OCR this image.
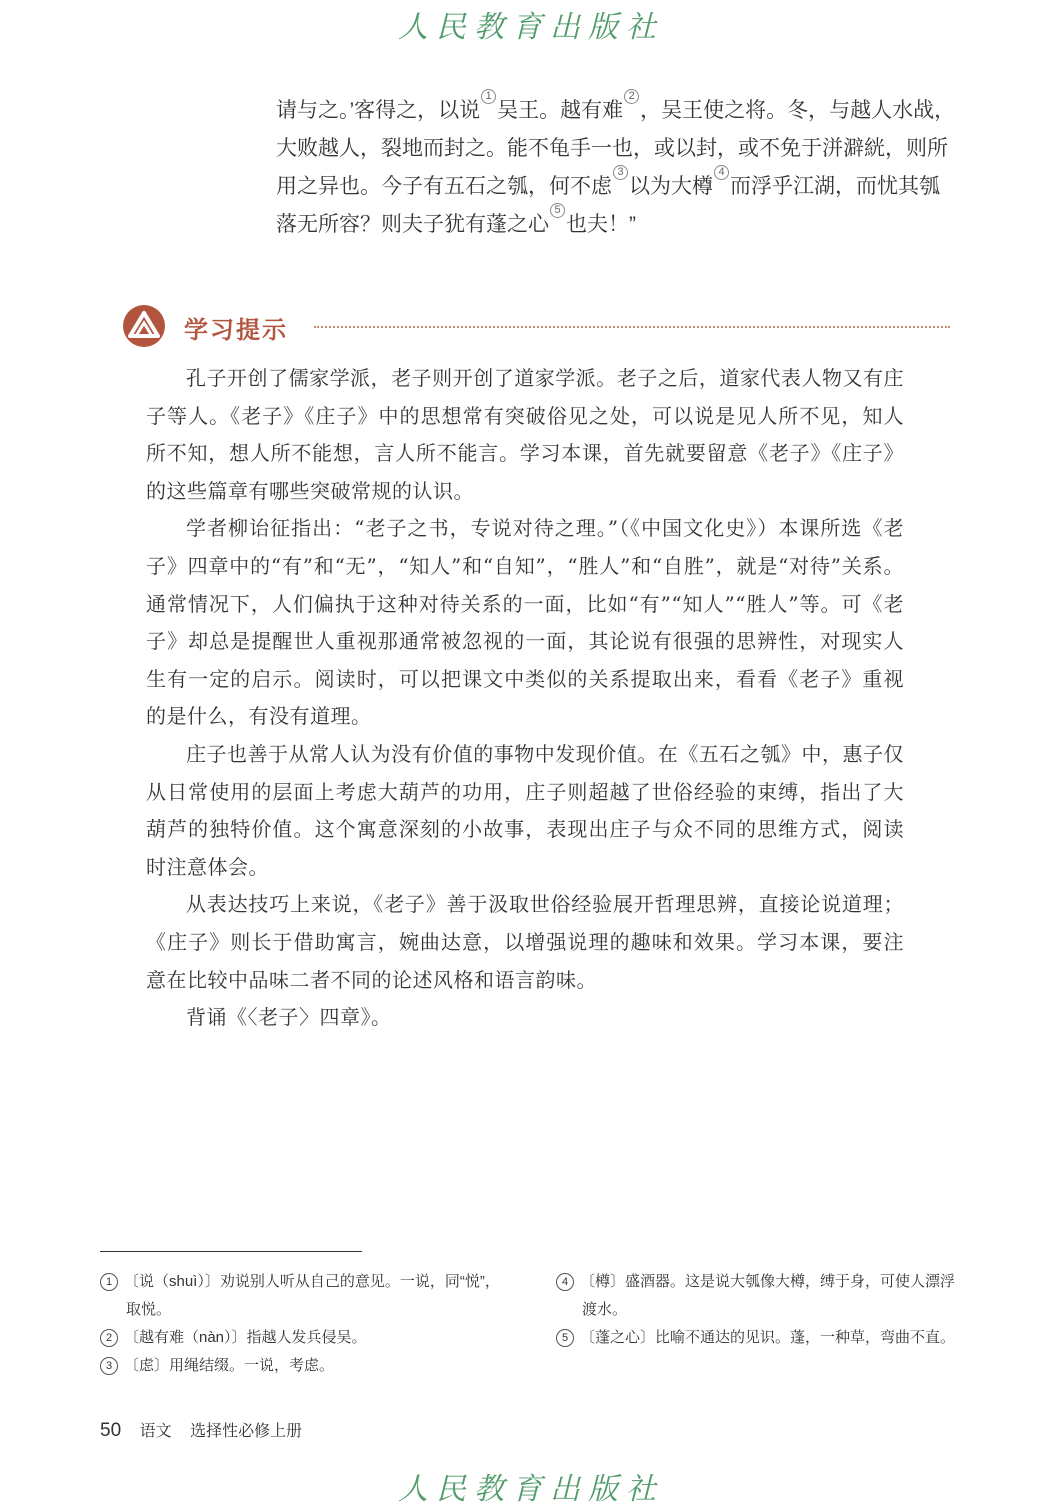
人民教育出版社

请与之。’客得之，以说$^1$吴王。越有难$^2$，吴王使之将。冬，与越人水战，大败越人，裂地而封之。能不龟手一也，或以封，或不免于洴澼絖，则所用之异也。今子有五石之瓠，何不虑$^3$以为大樽$^4$而浮乎江湖，而忧其瓠落无所容？则夫子犹有蓬之心$^5$也夫！”

学习提示

孔子开创了儒家学派，老子则开创了道家学派。老子之后，道家代表人物又有庄子等人。《老子》《庄子》中的思想常有突破俗见之处，可以说是见人所不见，知人所不知，想人所不能想，言人所不能言。学习本课，首先就要留意《老子》《庄子》的这些篇章有哪些突破常规的认识。

学者柳诒征指出：“老子之书，专说对待之理。”（《中国文化史》）本课所选《老子》四章中的“有”和“无”，“知人”和“自知”，“胜人”和“自胜”，就是“对待”关系。通常情况下，人们偏执于这种对待关系的一面，比如“有”“知人”“胜人”等。可《老子》却总是提醒世人重视那通常被忽视的一面，其论说有很强的思辨性，对现实人生有一定的启示。阅读时，可以把课文中类似的关系提取出来，看看《老子》重视的是什么，有没有道理。

庄子也善于从常人认为没有价值的事物中发现价值。在《五石之瓠》中，惠子仅从日常使用的层面上考虑大葫芦的功用，庄子则超越了世俗经验的束缚，指出了大葫芦的独特价值。这个寓意深刻的小故事，表现出庄子与众不同的思维方式，阅读时注意体会。

从表达技巧上来说，《老子》善于汲取世俗经验展开哲理思辨，直接论说道理；《庄子》则长于借助寓言，婉曲达意，以增强说理的趣味和效果。学习本课，要注意在比较中品味二者不同的论述风格和语言韵味。

背诵《〈老子〉四章》。

1 〔说（shuì）〕劝说别人听从自己的意见。一说，同“悦”，取悦。

2 〔越有难（nàn）〕指越人发兵侵吴。

3 〔虑〕用绳结缀。一说，考虑。

4 〔樽〕盛酒器。这是说大瓠像大樽，缚于身，可使人漂浮渡水。

5 〔蓬之心〕比喻不通达的见识。蓬，一种草，弯曲不直。

50 语文 选择性必修上册
人民教育出版社
